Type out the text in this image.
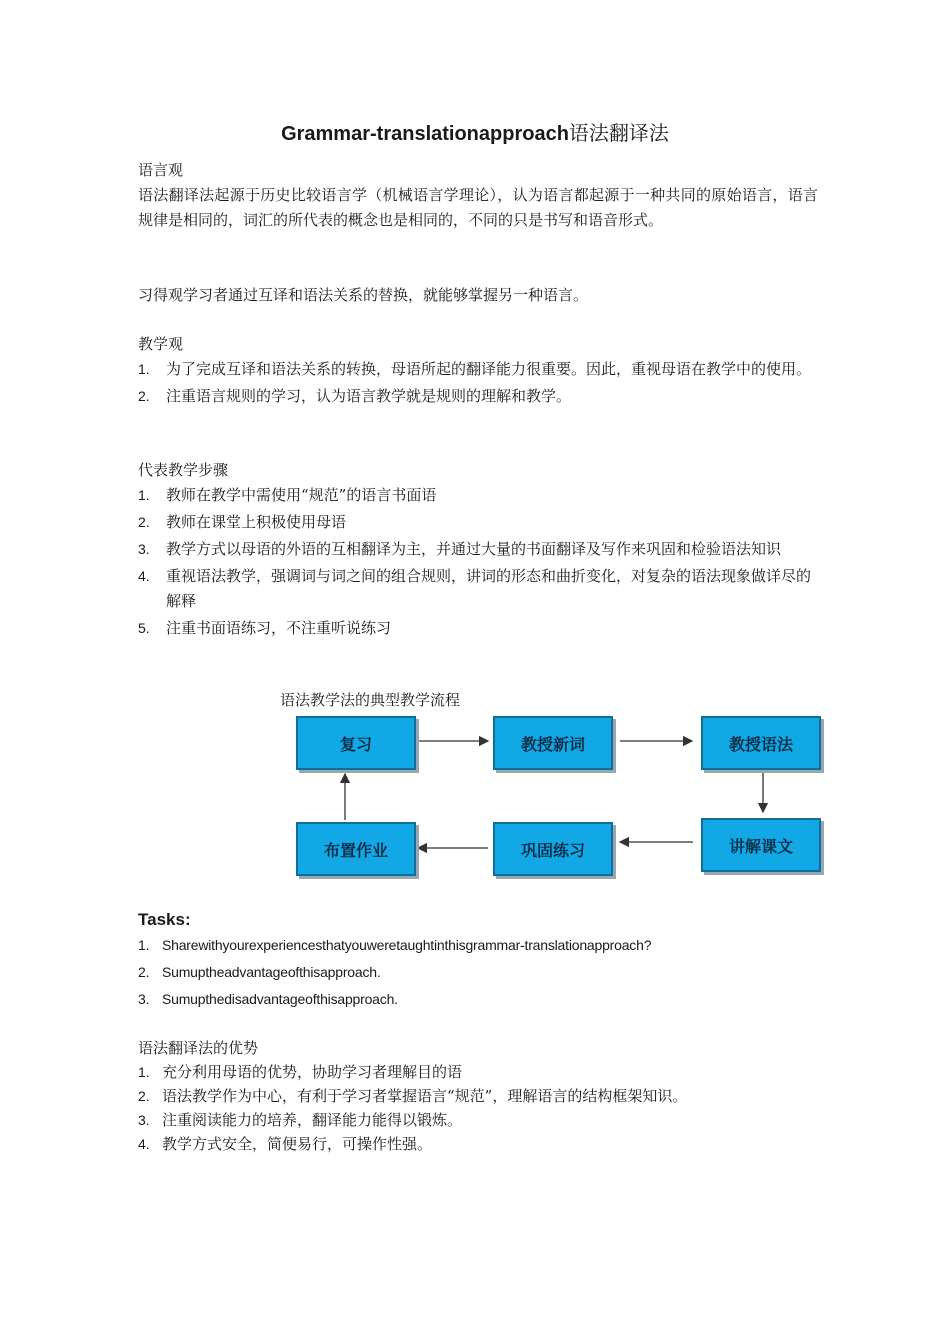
Grammar-translationapproach语法翻译法
语言观

语法翻译法起源于历史比较语言学（机械语言学理论），认为语言都起源于一种共同的原始语言，语言规律是相同的，词汇的所代表的概念也是相同的，不同的只是书写和语音形式。

习得观学习者通过互译和语法关系的替换，就能够掌握另一种语言。

教学观
1. 为了完成互译和语法关系的转换，母语所起的翻译能力很重要。因此，重视母语在教学中的使用。
2. 注重语言规则的学习，认为语言教学就是规则的理解和教学。
代表教学步骤
1. 教师在教学中需使用“规范”的语言书面语
2. 教师在课堂上积极使用母语
3. 教学方式以母语的外语的互相翻译为主，并通过大量的书面翻译及写作来巩固和检验语法知识
4. 重视语法教学，强调词与词之间的组合规则，讲词的形态和曲折变化，对复杂的语法现象做详尽的解释
5. 注重书面语练习，不注重听说练习
语法教学法的典型教学流程
复习	教授新词	教授语法
讲解课文
巩固练习
布置作业
Tasks:
1. Sharewithyourexperiencesthatyouweretaughtinthisgrammar-translationapproach?
2. Sumuptheadvantageofthisapproach.
3. Sumupthedisadvantageofthisapproach.
语法翻译法的优势
1. 充分利用母语的优势，协助学习者理解目的语
2. 语法教学作为中心，有利于学习者掌握语言“规范”，理解语言的结构框架知识。
3. 注重阅读能力的培养，翻译能力能得以锻炼。
4. 教学方式安全，简便易行，可操作性强。
